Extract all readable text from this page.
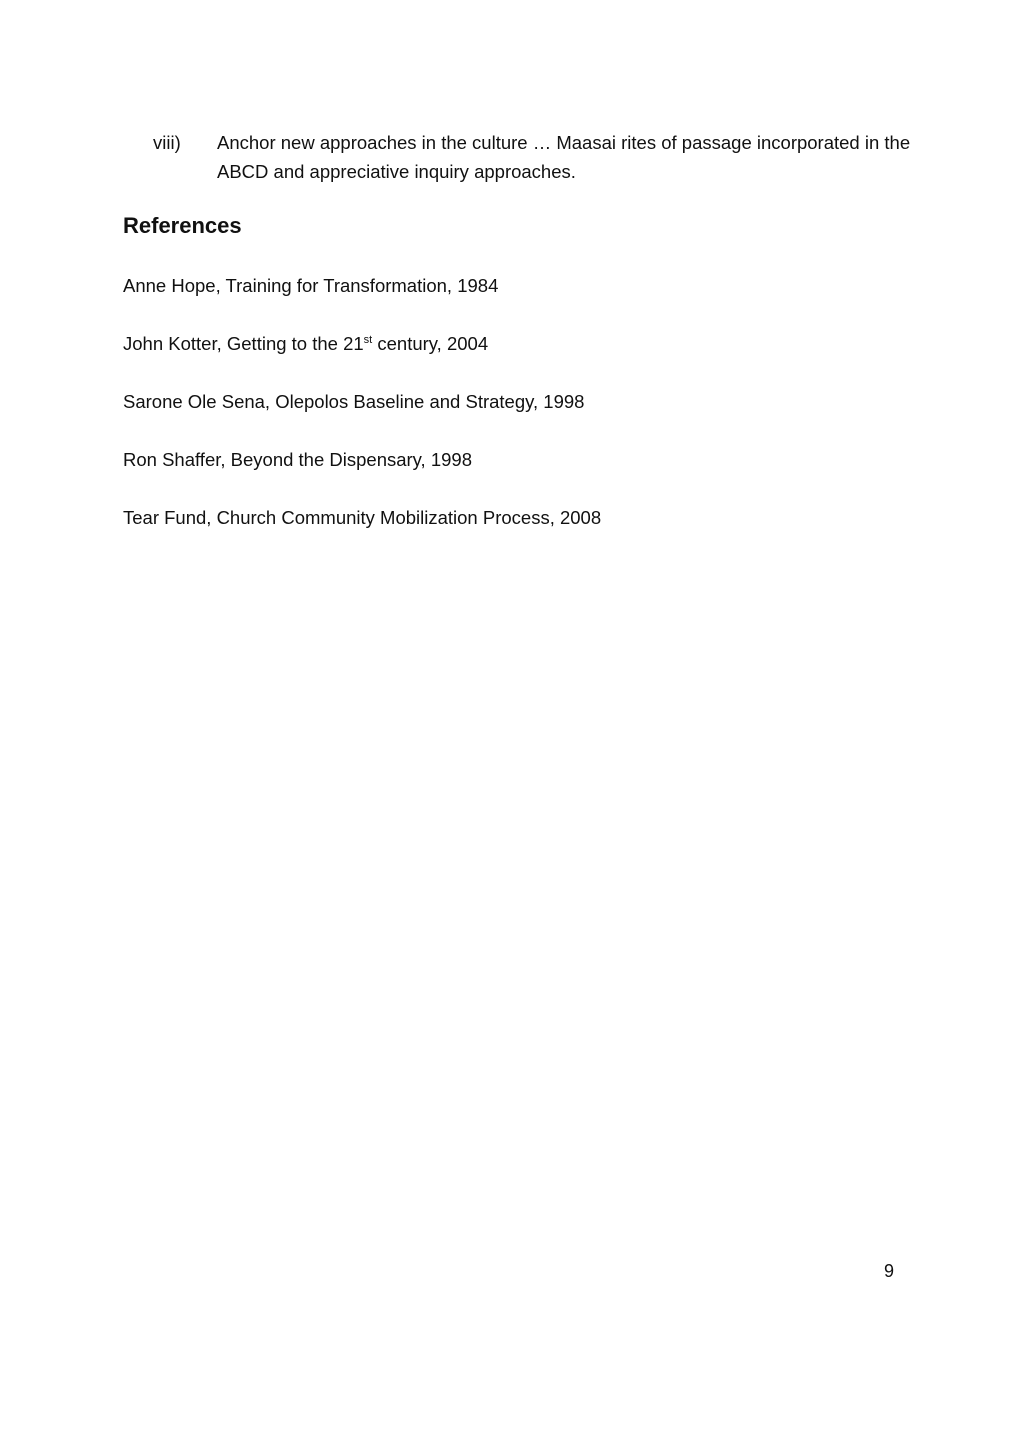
viii)	Anchor new approaches in the culture … Maasai rites of passage incorporated in the ABCD and appreciative inquiry approaches.
References

Anne Hope, Training for Transformation, 1984

John Kotter, Getting to the 21st century, 2004

Sarone Ole Sena, Olepolos Baseline and Strategy, 1998

Ron Shaffer, Beyond the Dispensary, 1998

Tear Fund, Church Community Mobilization Process, 2008

9
